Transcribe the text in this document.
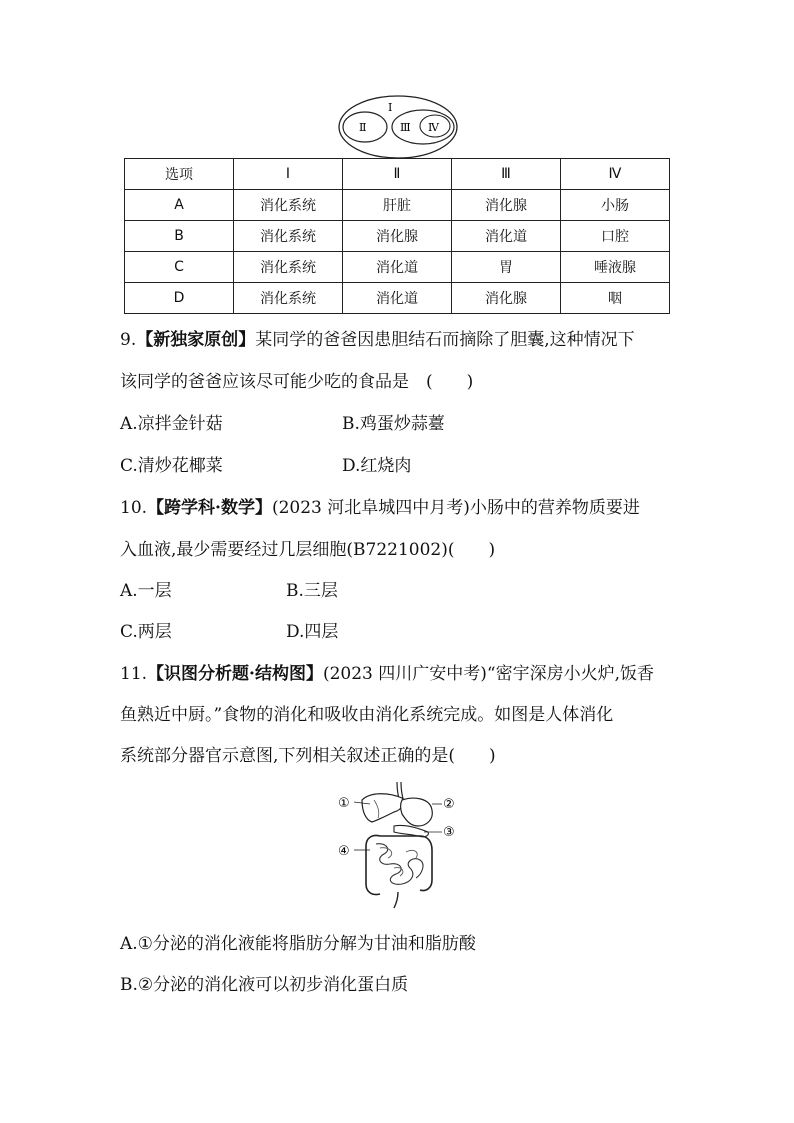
Ⅰ
Ⅱ	Ⅲ Ⅳ
选项	Ⅰ	Ⅱ	Ⅲ	Ⅳ
A	消化系统	肝脏	消化腺	小肠
B	消化系统	消化腺	消化道	口腔
C	消化系统	消化道	胃	唾液腺
D	消化系统	消化道	消化腺	咽
9.【新独家原创】某同学的爸爸因患胆结石而摘除了胆囊,这种情况下
该同学的爸爸应该尽可能少吃的食品是　(　　)
A.凉拌金针菇	B.鸡蛋炒蒜薹
C.清炒花椰菜	D.红烧肉
10.【跨学科·数学】(2023 河北阜城四中月考)小肠中的营养物质要进
入血液,最少需要经过几层细胞(B7221002)(　　)
A.一层	B.三层
C.两层	D.四层
11.【识图分析题·结构图】(2023 四川广安中考)“密宇深房小火炉,饭香
鱼熟近中厨。”食物的消化和吸收由消化系统完成。如图是人体消化
系统部分器官示意图,下列相关叙述正确的是(　　)
①	②
③
④
A.①分泌的消化液能将脂肪分解为甘油和脂肪酸
B.②分泌的消化液可以初步消化蛋白质
